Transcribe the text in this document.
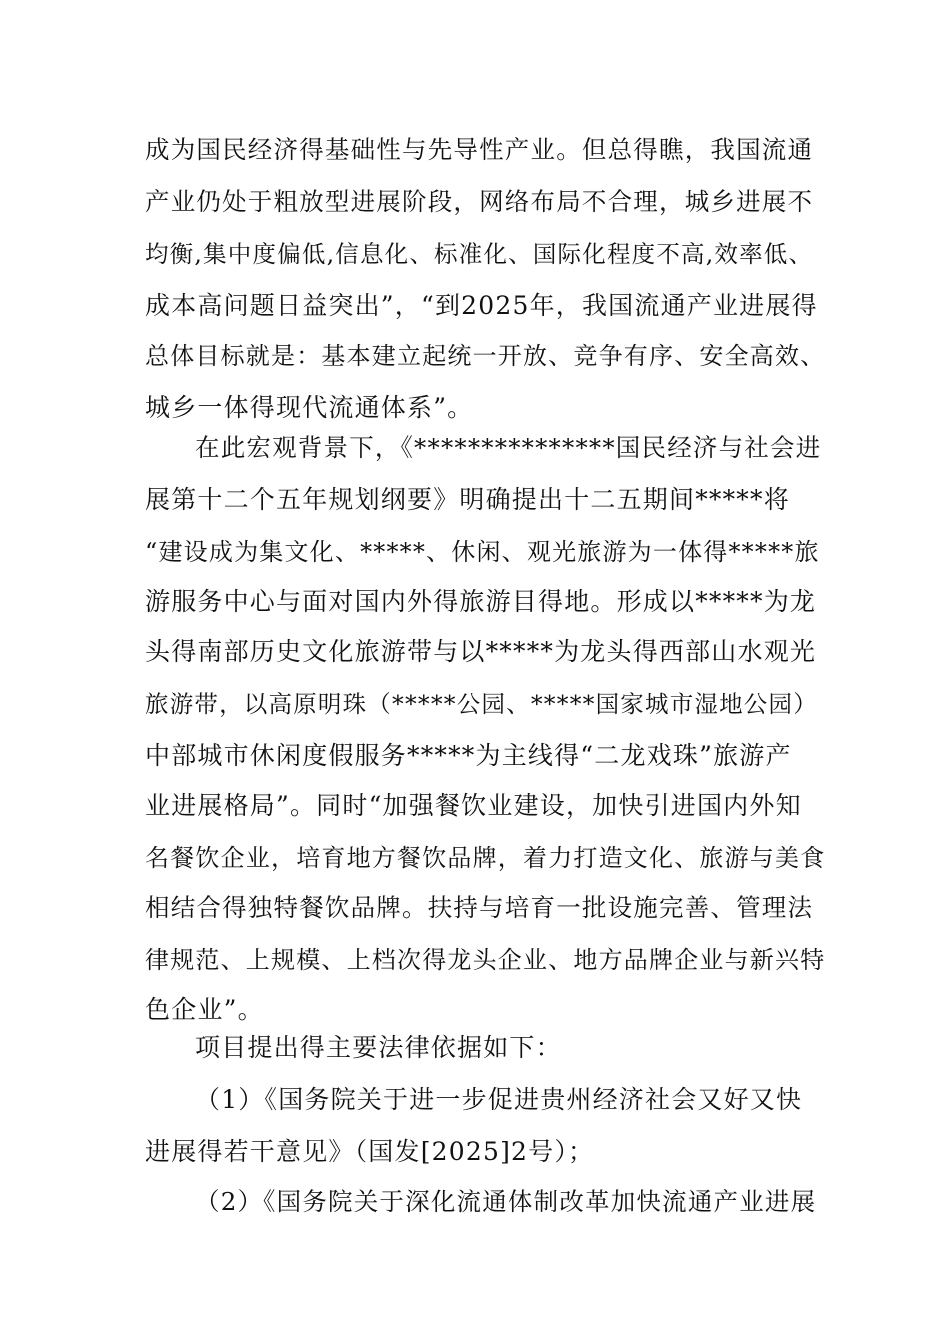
成为国民经济得基础性与先导性产业。但总得瞧，我国流通
产业仍处于粗放型进展阶段，网络布局不合理，城乡进展不
均衡,集中度偏低,信息化、标准化、国际化程度不高,效率低、
成本高问题日益突出”，“到2025年，我国流通产业进展得
总体目标就是：基本建立起统一开放、竞争有序、安全高效、
城乡一体得现代流通体系”。
在此宏观背景下，《***************国民经济与社会进
展第十二个五年规划纲要》明确提出十二五期间*****将
“建设成为集文化、*****、休闲、观光旅游为一体得*****旅
游服务中心与面对国内外得旅游目得地。形成以*****为龙
头得南部历史文化旅游带与以*****为龙头得西部山水观光
旅游带，以高原明珠（*****公园、*****国家城市湿地公园）
中部城市休闲度假服务*****为主线得“二龙戏珠”旅游产
业进展格局”。同时“加强餐饮业建设，加快引进国内外知
名餐饮企业，培育地方餐饮品牌，着力打造文化、旅游与美食
相结合得独特餐饮品牌。扶持与培育一批设施完善、管理法
律规范、上规模、上档次得龙头企业、地方品牌企业与新兴特
色企业”。
项目提出得主要法律依据如下：
（1）《国务院关于进一步促进贵州经济社会又好又快
进展得若干意见》（国发[2025]2号）；
（2）《国务院关于深化流通体制改革加快流通产业进展
